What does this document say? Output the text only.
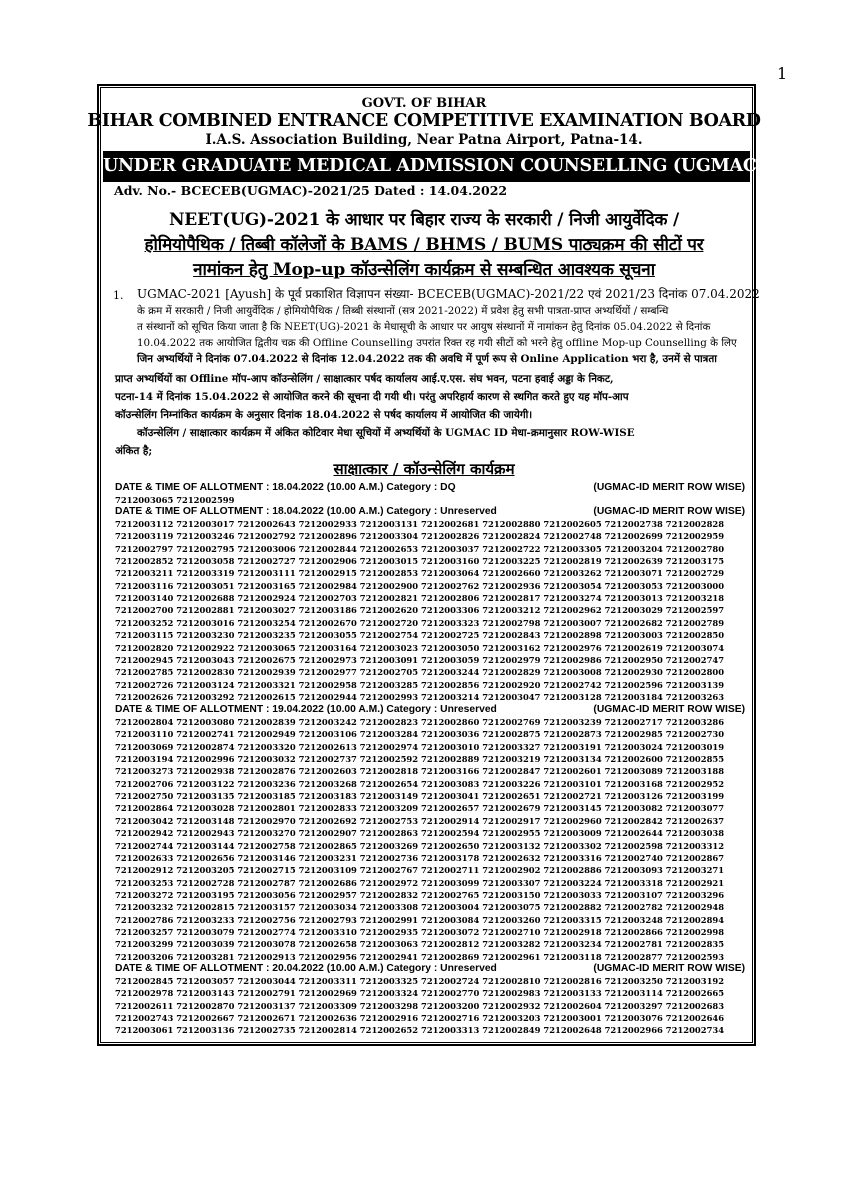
1
GOVT. OF BIHAR
BIHAR COMBINED ENTRANCE COMPETITIVE EXAMINATION BOARD
I.A.S. Association Building, Near Patna Airport, Patna-14.
UNDER GRADUATE MEDICAL ADMISSION COUNSELLING (UGMAC)-2021
Adv. No.- BCECEB(UGMAC)-2021/25 Dated : 14.04.2022
NEET(UG)-2021 के आधार पर बिहार राज्य के सरकारी / निजी आयुर्वेदिक /
होमियोपैथिक / तिब्बी कॉलेजों के BAMS / BHMS / BUMS पाठ्यक्रम की सीटों पर
नामांकन हेतु Mop-up कॉउन्सेलिंग कार्यक्रम से सम्बन्धित आवश्यक सूचना
1. UGMAC-2021 [Ayush] के पूर्व प्रकाशित विज्ञापन संख्या- BCECEB(UGMAC)-2021/22 एवं 2021/23 दिनांक 07.04.2022
के क्रम में सरकारी / निजी आयुर्वेदिक / होमियोपैथिक / तिब्बी संस्थानों (सत्र 2021-2022) में प्रवेश हेतु सभी पात्रता-प्राप्त अभ्यर्थियों / सम्बन्धि
त संस्थानों को सूचित किया जाता है कि NEET(UG)-2021 के मेधासूची के आधार पर आयुष संस्थानों में नामांकन हेतु दिनांक 05.04.2022 से दिनांक
10.04.2022 तक आयोजित द्वितीय चक्र की Offline Counselling उपरांत रिक्त रह गयी सीटों को भरने हेतु offline Mop-up Counselling के लिए
जिन अभ्यर्थियों ने दिनांक 07.04.2022 से दिनांक 12.04.2022 तक की अवधि में पूर्ण रूप से Online Application भरा है, उनमें से पात्रता
प्राप्त अभ्यर्थियों का Offline मॉप-आप कॉउन्सेलिंग / साक्षात्कार पर्षद कार्यालय आई.ए.एस. संघ भवन, पटना हवाई अड्डा के निकट,
पटना-14 में दिनांक 15.04.2022 से आयोजित करने की सूचना दी गयी थी। परंतु अपरिहार्य कारण से स्थगित करते हुए यह मॉप-आप
कॉउन्सेलिंग निम्नांकित कार्यक्रम के अनुसार दिनांक 18.04.2022 से पर्षद कार्यालय में आयोजित की जायेगी।
कॉउन्सेलिंग / साक्षात्कार कार्यक्रम में अंकित कोटिवार मेधा सूचियों में अभ्यर्थियों के UGMAC ID मेधा-क्रमानुसार ROW-WISE
अंकित है;
साक्षात्कार / कॉउन्सेलिंग कार्यक्रम
DATE & TIME OF ALLOTMENT : 18.04.2022 (10.00 A.M.) Category : DQ	(UGMAC-ID MERIT ROW WISE)
7212003065 7212002599
DATE & TIME OF ALLOTMENT : 18.04.2022 (10.00 A.M.) Category : Unreserved	(UGMAC-ID MERIT ROW WISE)
7212003112 7212003017 7212002643 7212002933 7212003131 7212002681 7212002880 7212002605 7212002738 7212002828
7212003119 7212003246 7212002792 7212002896 7212003304 7212002826 7212002824 7212002748 7212002699 7212002959
7212002797 7212002795 7212003006 7212002844 7212002653 7212003037 7212002722 7212003305 7212003204 7212002780
7212002852 7212003058 7212002727 7212002906 7212003015 7212003160 7212003225 7212002819 7212002639 7212003175
7212003211 7212003319 7212003111 7212002915 7212002853 7212003064 7212002660 7212003262 7212003071 7212002729
7212003116 7212003051 7212003165 7212002984 7212002900 7212002762 7212002936 7212003054 7212003053 7212003000
7212003140 7212002688 7212002924 7212002703 7212002821 7212002806 7212002817 7212003274 7212003013 7212003218
7212002700 7212002881 7212003027 7212003186 7212002620 7212003306 7212003212 7212002962 7212003029 7212002597
7212003252 7212003016 7212003254 7212002670 7212002720 7212003323 7212002798 7212003007 7212002682 7212002789
7212003115 7212003230 7212003235 7212003055 7212002754 7212002725 7212002843 7212002898 7212003003 7212002850
7212002820 7212002922 7212003065 7212003164 7212003023 7212003050 7212003162 7212002976 7212002619 7212003074
7212002945 7212003043 7212002675 7212002973 7212003091 7212003059 7212002979 7212002986 7212002950 7212002747
7212002785 7212002830 7212002939 7212002977 7212002705 7212003244 7212002829 7212003008 7212002930 7212002800
7212002726 7212003124 7212003321 7212002958 7212003285 7212002856 7212002920 7212002742 7212002596 7212003139
7212002626 7212003292 7212002615 7212002944 7212002993 7212003214 7212003047 7212003128 7212003184 7212003263
DATE & TIME OF ALLOTMENT : 19.04.2022 (10.00 A.M.) Category : Unreserved	(UGMAC-ID MERIT ROW WISE)
7212002804 7212003080 7212002839 7212003242 7212002823 7212002860 7212002769 7212003239 7212002717 7212003286
7212003110 7212002741 7212002949 7212003106 7212003284 7212003036 7212002875 7212002873 7212002985 7212002730
7212003069 7212002874 7212003320 7212002613 7212002974 7212003010 7212003327 7212003191 7212003024 7212003019
7212003194 7212002996 7212003032 7212002737 7212002592 7212002889 7212003219 7212003134 7212002600 7212002855
7212003273 7212002938 7212002876 7212002603 7212002818 7212003166 7212002847 7212002601 7212003089 7212003188
7212002706 7212003122 7212003236 7212003268 7212002654 7212003083 7212003226 7212003101 7212003168 7212002952
7212002750 7212003135 7212003185 7212003183 7212003149 7212003041 7212002651 7212002721 7212003126 7212003199
7212002864 7212003028 7212002801 7212002833 7212003209 7212002657 7212002679 7212003145 7212003082 7212003077
7212003042 7212003148 7212002970 7212002692 7212002753 7212002914 7212002917 7212002960 7212002842 7212002637
7212002942 7212002943 7212003270 7212002907 7212002863 7212002594 7212002955 7212003009 7212002644 7212003038
7212002744 7212003144 7212002758 7212002865 7212003269 7212002650 7212003132 7212003302 7212002598 7212003312
7212002633 7212002656 7212003146 7212003231 7212002736 7212003178 7212002632 7212003316 7212002740 7212002867
7212002912 7212003205 7212002715 7212003109 7212002767 7212002711 7212002902 7212002886 7212003093 7212003271
7212003253 7212002728 7212002787 7212002686 7212002972 7212003099 7212003307 7212003224 7212003318 7212002921
7212003272 7212003195 7212003056 7212002957 7212002832 7212002765 7212003150 7212003033 7212003107 7212003296
7212003232 7212002815 7212003157 7212003034 7212003308 7212003004 7212003075 7212002882 7212002782 7212002948
7212002786 7212003233 7212002756 7212002793 7212002991 7212003084 7212003260 7212003315 7212003248 7212002894
7212003257 7212003079 7212002774 7212003310 7212002935 7212003072 7212002710 7212002918 7212002866 7212002998
7212003299 7212003039 7212003078 7212002658 7212003063 7212002812 7212003282 7212003234 7212002781 7212002835
7212003206 7212003281 7212002913 7212002956 7212002941 7212002869 7212002961 7212003118 7212002877 7212002593
DATE & TIME OF ALLOTMENT : 20.04.2022 (10.00 A.M.) Category : Unreserved	(UGMAC-ID MERIT ROW WISE)
7212002845 7212003057 7212003044 7212003311 7212003325 7212002724 7212002810 7212002816 7212003250 7212003192
7212002978 7212003143 7212002791 7212002969 7212003324 7212002770 7212002983 7212003133 7212003114 7212002665
7212002611 7212002870 7212003137 7212003309 7212003298 7212003200 7212002932 7212002604 7212003297 7212002683
7212002743 7212002667 7212002671 7212002636 7212002916 7212002716 7212003203 7212003001 7212003076 7212002646
7212003061 7212003136 7212002735 7212002814 7212002652 7212003313 7212002849 7212002648 7212002966 7212002734
